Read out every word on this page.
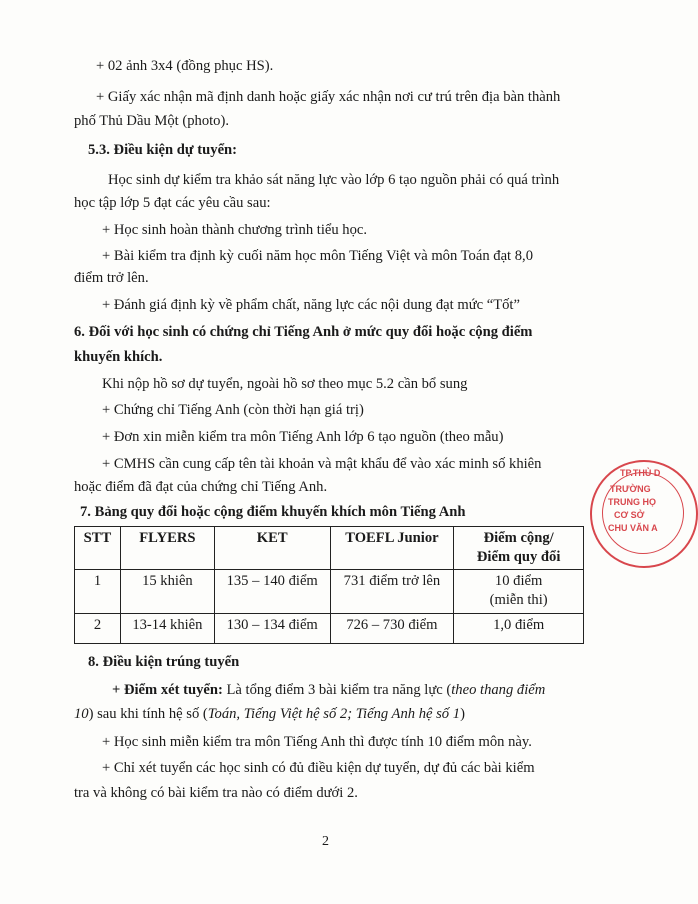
+ 02 ảnh 3x4 (đồng phục HS).
+ Giấy xác nhận mã định danh hoặc giấy xác nhận nơi cư trú trên địa bàn thành
phố Thủ Dầu Một (photo).
5.3. Điều kiện dự tuyển:
Học sinh dự kiểm tra khảo sát năng lực vào lớp 6 tạo nguồn phải có quá trình
học tập lớp 5 đạt các yêu cầu sau:
+ Học sinh hoàn thành chương trình tiểu học.
+ Bài kiểm tra định kỳ cuối năm học môn Tiếng Việt và môn Toán đạt 8,0
điểm trở lên.
+ Đánh giá định kỳ về phẩm chất, năng lực các nội dung đạt mức “Tốt”
6. Đối với học sinh có chứng chỉ Tiếng Anh ở mức quy đổi hoặc cộng điểm
khuyến khích.
Khi nộp hồ sơ dự tuyển, ngoài hồ sơ theo mục 5.2 cần bổ sung
+ Chứng chỉ Tiếng Anh (còn thời hạn giá trị)
+ Đơn xin miễn kiểm tra môn Tiếng Anh lớp 6 tạo nguồn (theo mẫu)
+ CMHS cần cung cấp tên tài khoản và mật khẩu để vào xác minh số khiên
hoặc điểm đã đạt của chứng chỉ Tiếng Anh.
7. Bảng quy đổi hoặc cộng điểm khuyến khích môn Tiếng Anh
STT	FLYERS	KET	TOEFL Junior	Điểm cộng/
Điểm quy đổi

1	15 khiên	135 – 140 điểm	731 điểm trở lên	10 điểm
(miễn thi)

2	13-14 khiên	130 – 134 điểm	726 – 730 điểm	1,0 điểm
8. Điều kiện trúng tuyển
+ Điểm xét tuyển: Là tổng điểm 3 bài kiểm tra năng lực (theo thang điểm
10) sau khi tính hệ số (Toán, Tiếng Việt hệ số 2; Tiếng Anh hệ số 1)
+ Học sinh miễn kiểm tra môn Tiếng Anh thì được tính 10 điểm môn này.
+ Chỉ xét tuyển các học sinh có đủ điều kiện dự tuyển, dự đủ các bài kiểm
tra và không có bài kiểm tra nào có điểm dưới 2.
2
TP.THỦ D
TRƯỜNG
TRUNG HỌ
CƠ SỞ
CHU VĂN A
